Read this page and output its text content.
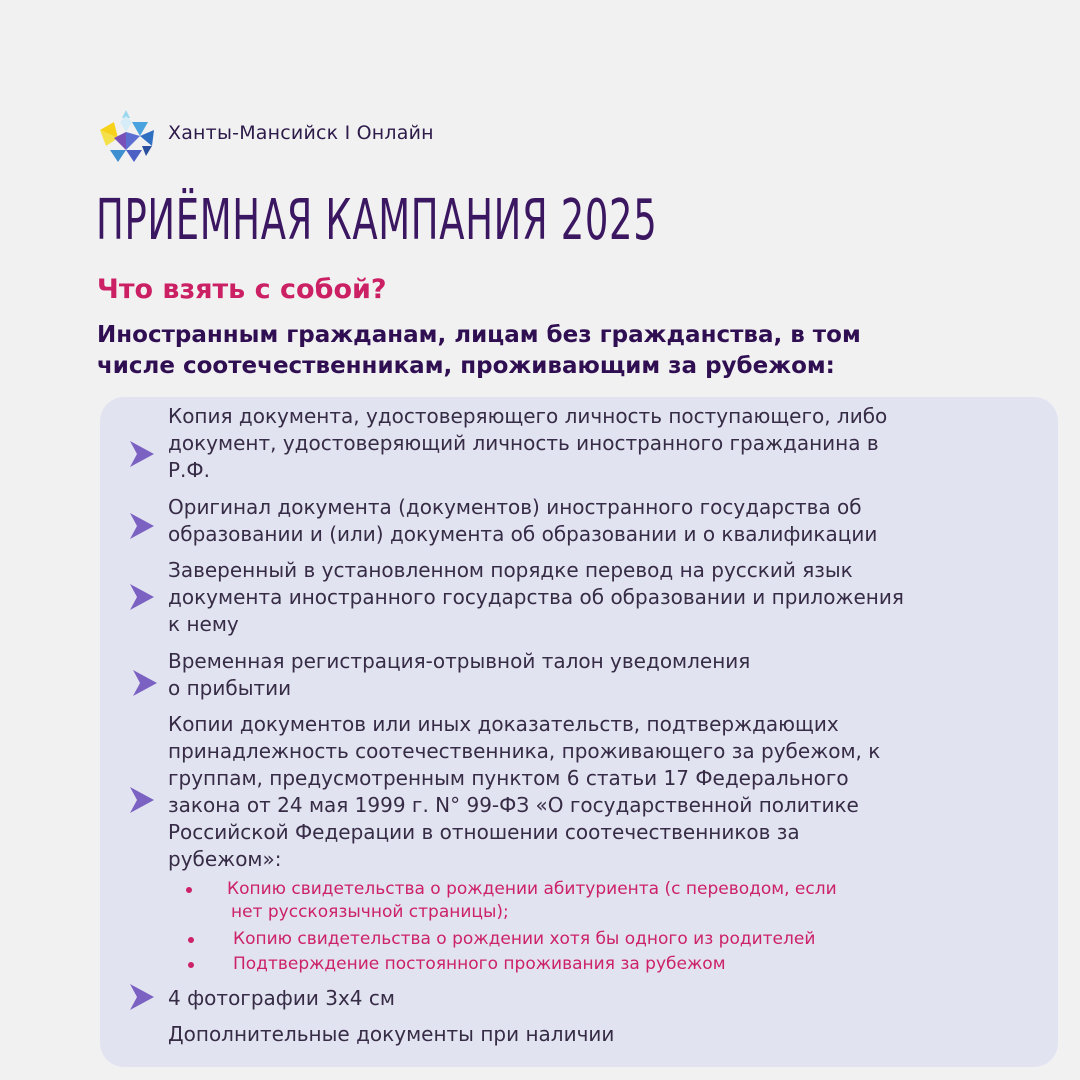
Ханты-Мансийск I Онлайн
ПРИЁМНАЯ КАМПАНИЯ 2025
Что взять с собой?
Иностранным гражданам, лицам без гражданства, в том
числе соотечественникам, проживающим за рубежом:
Копия документа, удостоверяющего личность поступающего, либо
документ, удостоверяющий личность иностранного гражданина в
Р.Ф.
Оригинал документа (документов) иностранного государства об
образовании и (или) документа об образовании и о квалификации
Заверенный в установленном порядке перевод на русский язык
документа иностранного государства об образовании и приложения
к нему
Временная регистрация-отрывной талон уведомления
о прибытии
Копии документов или иных доказательств, подтверждающих
принадлежность соотечественника, проживающего за рубежом, к
группам, предусмотренным пунктом 6 статьи 17 Федерального
закона от 24 мая 1999 г. N° 99-ФЗ «О государственной политике
Российской Федерации в отношении соотечественников за
рубежом»:
Копию свидетельства о рождении абитуриента (с переводом, если
нет русскоязычной страницы);
Копию свидетельства о рождении хотя бы одного из родителей
Подтверждение постоянного проживания за рубежом
4 фотографии 3х4 см
Дополнительные документы при наличии
